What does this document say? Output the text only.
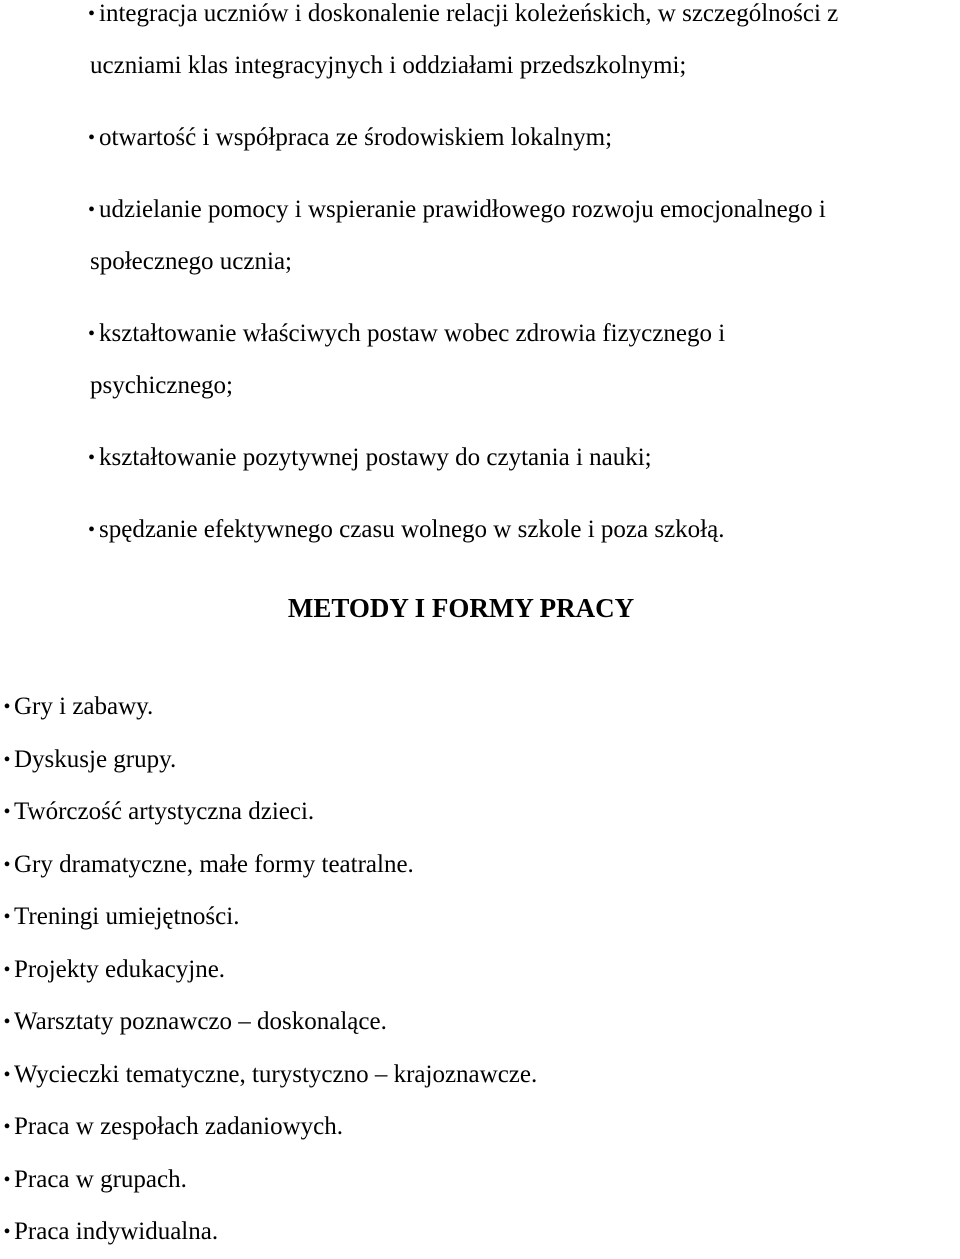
• integracja uczniów i doskonalenie relacji koleżeńskich, w szczególności z
uczniami klas integracyjnych i oddziałami przedszkolnymi;
• otwartość i współpraca ze środowiskiem lokalnym;
• udzielanie pomocy i wspieranie prawidłowego rozwoju emocjonalnego i
społecznego ucznia;
• kształtowanie właściwych postaw wobec zdrowia fizycznego i
psychicznego;
• kształtowanie pozytywnej postawy do czytania i nauki;
• spędzanie efektywnego czasu wolnego w szkole i poza szkołą.
METODY I FORMY PRACY
• Gry i zabawy.
• Dyskusje grupy.
• Twórczość artystyczna dzieci.
• Gry dramatyczne, małe formy teatralne.
• Treningi umiejętności.
• Projekty edukacyjne.
• Warsztaty poznawczo – doskonalące.
• Wycieczki tematyczne, turystyczno – krajoznawcze.
• Praca w zespołach zadaniowych.
• Praca w grupach.
• Praca indywidualna.
